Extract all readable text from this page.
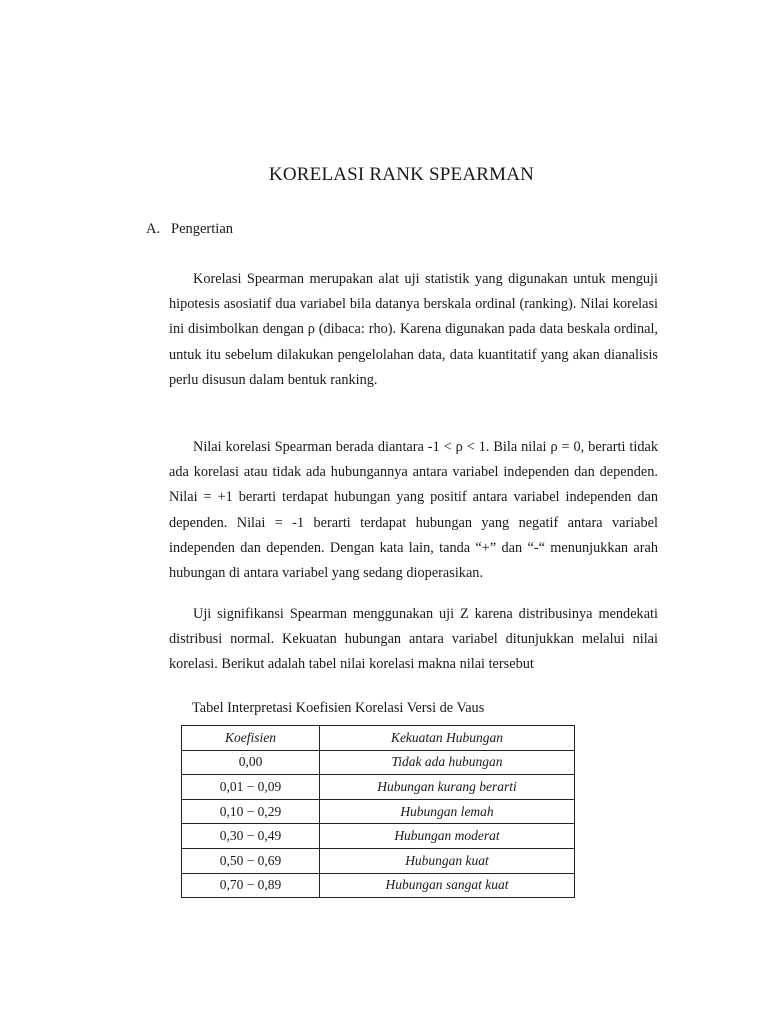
KORELASI RANK SPEARMAN
A. Pengertian

Korelasi Spearman merupakan alat uji statistik yang digunakan untuk menguji hipotesis asosiatif dua variabel bila datanya berskala ordinal (ranking). Nilai korelasi ini disimbolkan dengan ρ (dibaca: rho). Karena digunakan pada data beskala ordinal, untuk itu sebelum dilakukan pengelolahan data, data kuantitatif yang akan dianalisis perlu disusun dalam bentuk ranking.

Nilai korelasi Spearman berada diantara -1 < ρ < 1. Bila nilai ρ = 0, berarti tidak ada korelasi atau tidak ada hubungannya antara variabel independen dan dependen. Nilai = +1 berarti terdapat hubungan yang positif antara variabel independen dan dependen. Nilai = -1 berarti terdapat hubungan yang negatif antara variabel independen dan dependen. Dengan kata lain, tanda “+” dan “-“ menunjukkan arah hubungan di antara variabel yang sedang dioperasikan.

Uji signifikansi Spearman menggunakan uji Z karena distribusinya mendekati distribusi normal. Kekuatan hubungan antara variabel ditunjukkan melalui nilai korelasi. Berikut adalah tabel nilai korelasi makna nilai tersebut

Tabel Interpretasi Koefisien Korelasi Versi de Vaus
Koefisien	Kekuatan Hubungan
0,00	Tidak ada hubungan
0,01 − 0,09	Hubungan kurang berarti
0,10 − 0,29	Hubungan lemah
0,30 − 0,49	Hubungan moderat
0,50 − 0,69	Hubungan kuat
0,70 − 0,89	Hubungan sangat kuat
